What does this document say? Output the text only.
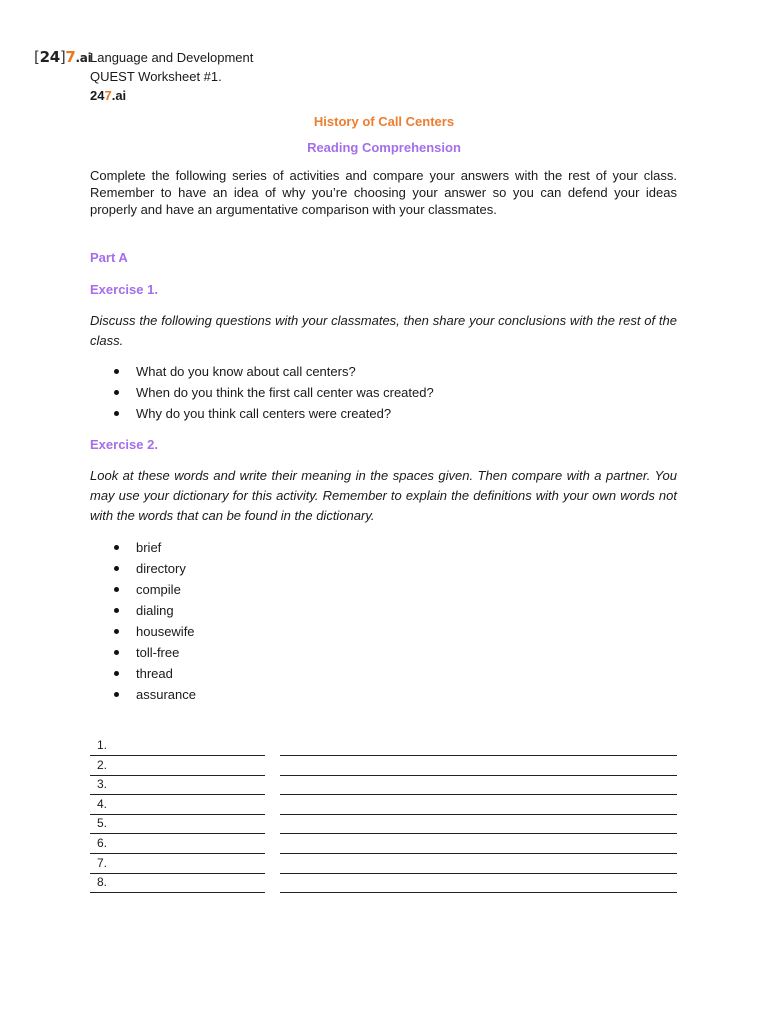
[24]7.ai
Language and Development
QUEST Worksheet #1.
247.ai
History of Call Centers
Reading Comprehension
Complete the following series of activities and compare your answers with the rest of your class. Remember to have an idea of why you’re choosing your answer so you can defend your ideas properly and have an argumentative comparison with your classmates.
Part A
Exercise 1.
Discuss the following questions with your classmates, then share your conclusions with the rest of the class.
What do you know about call centers?
When do you think the first call center was created?
Why do you think call centers were created?
Exercise 2.
Look at these words and write their meaning in the spaces given. Then compare with a partner. You may use your dictionary for this activity. Remember to explain the definitions with your own words not with the words that can be found in the dictionary.
brief
directory
compile
dialing
housewife
toll-free
thread
assurance
1.
2.
3.
4.
5.
6.
7.
8.
